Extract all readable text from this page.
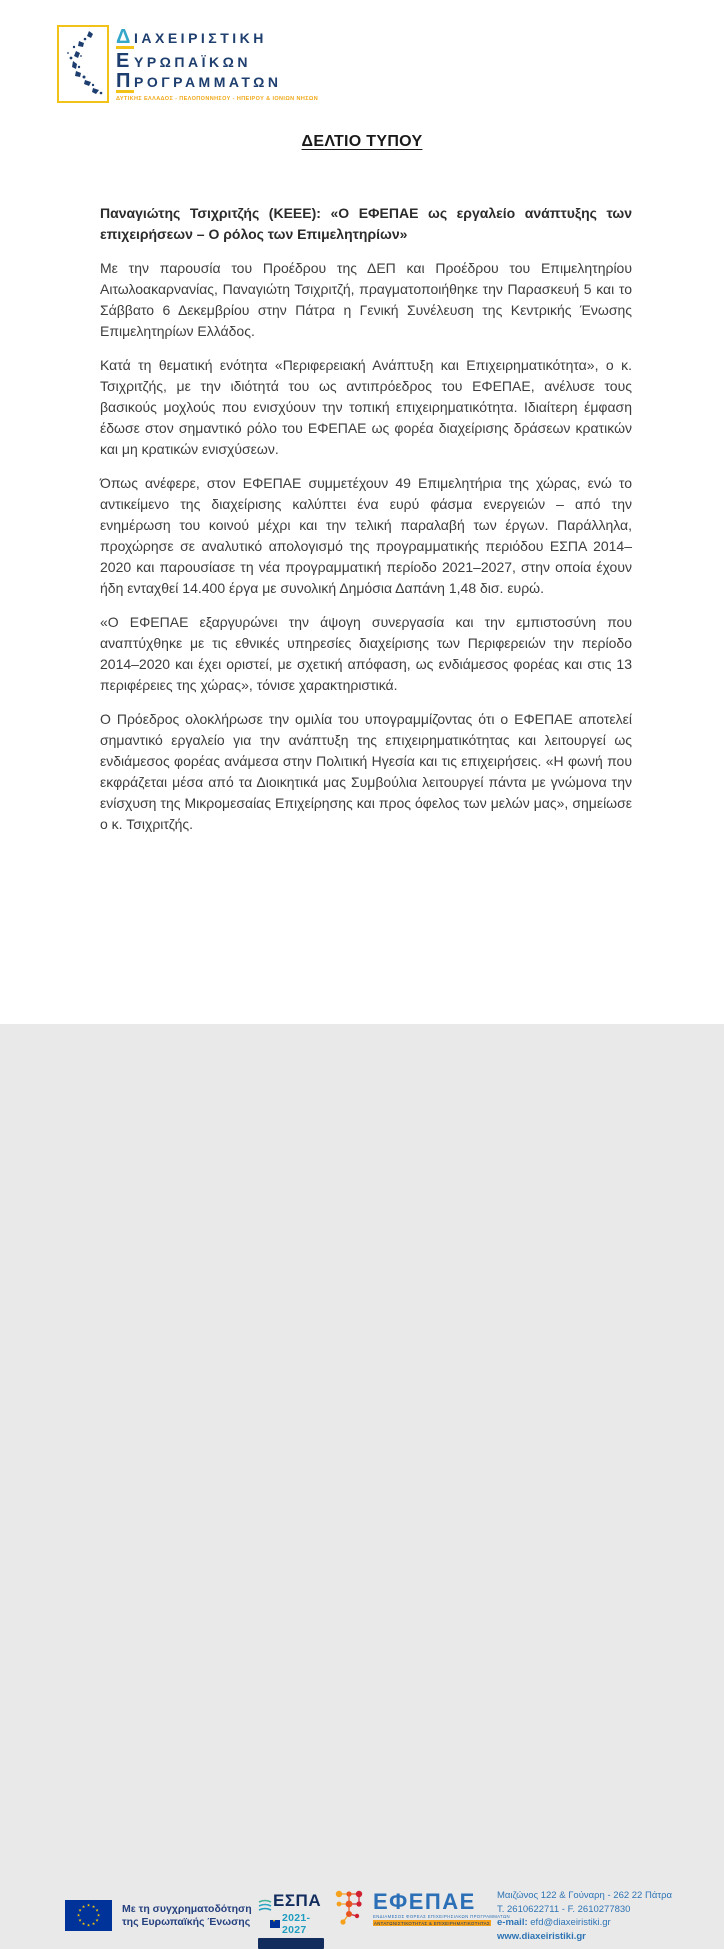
Δ ΙΑΧΕΙΡΙΣΤΙΚΗ
Ε ΥΡΩΠΑΪΚΩΝ
Π ΡΟΓΡΑΜΜΑΤΩΝ
ΔΥΤΙΚΗΣ ΕΛΛΑΔΟΣ - ΠΕΛΟΠΟΝΝΗΣΟΥ - ΗΠΕΙΡΟΥ & ΙΟΝΙΩΝ ΝΗΣΩΝ
ΔΕΛΤΙΟ ΤΥΠΟΥ

Παναγιώτης Τσιχριτζής (ΚΕΕΕ): «Ο ΕΦΕΠΑΕ ως εργαλείο ανάπτυξης των επιχειρήσεων – Ο ρόλος των Επιμελητηρίων»

Με την παρουσία του Προέδρου της ΔΕΠ και Προέδρου του Επιμελητηρίου Αιτωλοακαρνανίας, Παναγιώτη Τσιχριτζή, πραγματοποιήθηκε την Παρασκευή 5 και το Σάββατο 6 Δεκεμβρίου στην Πάτρα η Γενική Συνέλευση της Κεντρικής Ένωσης Επιμελητηρίων Ελλάδος.

Κατά τη θεματική ενότητα «Περιφερειακή Ανάπτυξη και Επιχειρηματικότητα», ο κ. Τσιχριτζής, με την ιδιότητά του ως αντιπρόεδρος του ΕΦΕΠΑΕ, ανέλυσε τους βασικούς μοχλούς που ενισχύουν την τοπική επιχειρηματικότητα. Ιδιαίτερη έμφαση έδωσε στον σημαντικό ρόλο του ΕΦΕΠΑΕ ως φορέα διαχείρισης δράσεων κρατικών και μη κρατικών ενισχύσεων.

Όπως ανέφερε, στον ΕΦΕΠΑΕ συμμετέχουν 49 Επιμελητήρια της χώρας, ενώ το αντικείμενο της διαχείρισης καλύπτει ένα ευρύ φάσμα ενεργειών – από την ενημέρωση του κοινού μέχρι και την τελική παραλαβή των έργων. Παράλληλα, προχώρησε σε αναλυτικό απολογισμό της προγραμματικής περιόδου ΕΣΠΑ 2014–2020 και παρουσίασε τη νέα προγραμματική περίοδο 2021–2027, στην οποία έχουν ήδη ενταχθεί 14.400 έργα με συνολική Δημόσια Δαπάνη 1,48 δισ. ευρώ.

«Ο ΕΦΕΠΑΕ εξαργυρώνει την άψογη συνεργασία και την εμπιστοσύνη που αναπτύχθηκε με τις εθνικές υπηρεσίες διαχείρισης των Περιφερειών την περίοδο 2014–2020 και έχει οριστεί, με σχετική απόφαση, ως ενδιάμεσος φορέας και στις 13 περιφέρειες της χώρας», τόνισε χαρακτηριστικά.

Ο Πρόεδρος ολοκλήρωσε την ομιλία του υπογραμμίζοντας ότι ο ΕΦΕΠΑΕ αποτελεί σημαντικό εργαλείο για την ανάπτυξη της επιχειρηματικότητας και λειτουργεί ως ενδιάμεσος φορέας ανάμεσα στην Πολιτική Ηγεσία και τις επιχειρήσεις. «Η φωνή που εκφράζεται μέσα από τα Διοικητικά μας Συμβούλια λειτουργεί πάντα με γνώμονα την ενίσχυση της Μικρομεσαίας Επιχείρησης και προς όφελος των μελών μας», σημείωσε ο κ. Τσιχριτζής.

★ ★
★
★
★
★
★
★
★
★
★
★	Με τη συγχρηματοδότηση
της Ευρωπαϊκής Ένωσης
ΕΣΠΑ
•
2021-2027
ΕΦΕΠΑΕ
ΕΝΔΙΑΜΕΣΟΣ ΦΟΡΕΑΣ ΕΠΙΧΕΙΡΗΣΙΑΚΩΝ ΠΡΟΓΡΑΜΜΑΤΩΝ
ΑΝΤΑΓΩΝΙΣΤΙΚΟΤΗΤΑΣ & ΕΠΙΧΕΙΡΗΜΑΤΙΚΟΤΗΤΑΣ
Μαιζώνος 122 & Γούναρη - 262 22 Πάτρα
T. 2610622711 - F. 2610277830
e-mail: efd@diaxeiristiki.gr
www.diaxeiristiki.gr
